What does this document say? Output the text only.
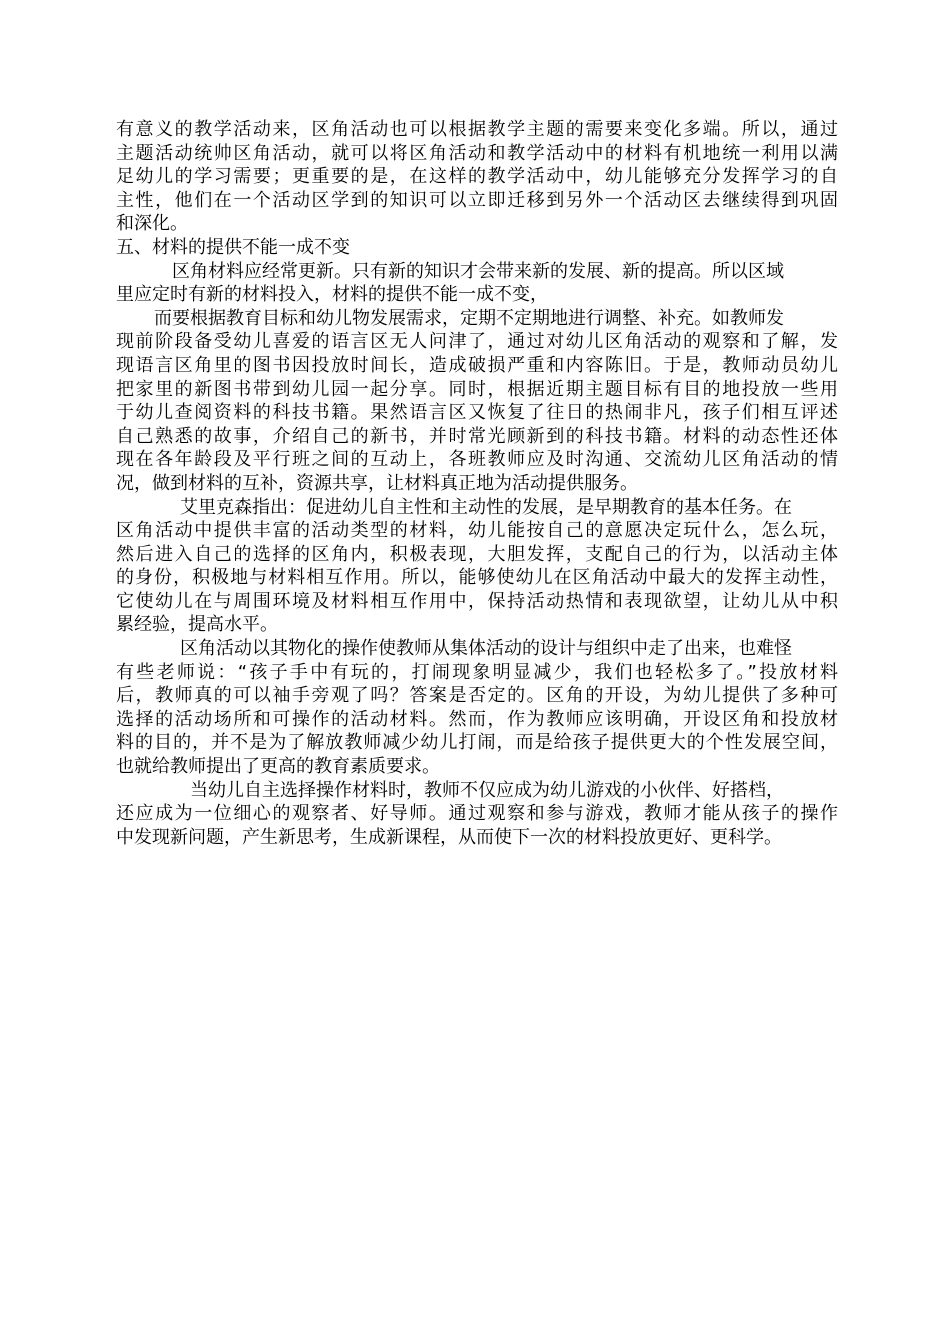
有意义的教学活动来，区角活动也可以根据教学主题的需要来变化多端。所以，通过
主题活动统帅区角活动，就可以将区角活动和教学活动中的材料有机地统一利用以满
足幼儿的学习需要；更重要的是，在这样的教学活动中，幼儿能够充分发挥学习的自
主性，他们在一个活动区学到的知识可以立即迁移到另外一个活动区去继续得到巩固
和深化。
五、材料的提供不能一成不变
区角材料应经常更新。只有新的知识才会带来新的发展、新的提高。所以区域
里应定时有新的材料投入，材料的提供不能一成不变，
而要根据教育目标和幼儿物发展需求，定期不定期地进行调整、补充。如教师发
现前阶段备受幼儿喜爱的语言区无人问津了，通过对幼儿区角活动的观察和了解，发
现语言区角里的图书因投放时间长，造成破损严重和内容陈旧。于是，教师动员幼儿
把家里的新图书带到幼儿园一起分享。同时，根据近期主题目标有目的地投放一些用
于幼儿查阅资料的科技书籍。果然语言区又恢复了往日的热闹非凡，孩子们相互评述
自己熟悉的故事，介绍自己的新书，并时常光顾新到的科技书籍。材料的动态性还体
现在各年龄段及平行班之间的互动上，各班教师应及时沟通、交流幼儿区角活动的情
况，做到材料的互补，资源共享，让材料真正地为活动提供服务。
艾里克森指出：促进幼儿自主性和主动性的发展，是早期教育的基本任务。在
区角活动中提供丰富的活动类型的材料，幼儿能按自己的意愿决定玩什么，怎么玩，
然后进入自己的选择的区角内，积极表现，大胆发挥，支配自己的行为，以活动主体
的身份，积极地与材料相互作用。所以，能够使幼儿在区角活动中最大的发挥主动性，
它使幼儿在与周围环境及材料相互作用中，保持活动热情和表现欲望，让幼儿从中积
累经验，提高水平。
区角活动以其物化的操作使教师从集体活动的设计与组织中走了出来，也难怪
有些老师说：“孩子手中有玩的，打闹现象明显减少，我们也轻松多了。”投放材料
后，教师真的可以袖手旁观了吗？答案是否定的。区角的开设，为幼儿提供了多种可
选择的活动场所和可操作的活动材料。然而，作为教师应该明确，开设区角和投放材
料的目的，并不是为了解放教师减少幼儿打闹，而是给孩子提供更大的个性发展空间，
也就给教师提出了更高的教育素质要求。
当幼儿自主选择操作材料时，教师不仅应成为幼儿游戏的小伙伴、好搭档，
还应成为一位细心的观察者、好导师。通过观察和参与游戏，教师才能从孩子的操作
中发现新问题，产生新思考，生成新课程，从而使下一次的材料投放更好、更科学。
